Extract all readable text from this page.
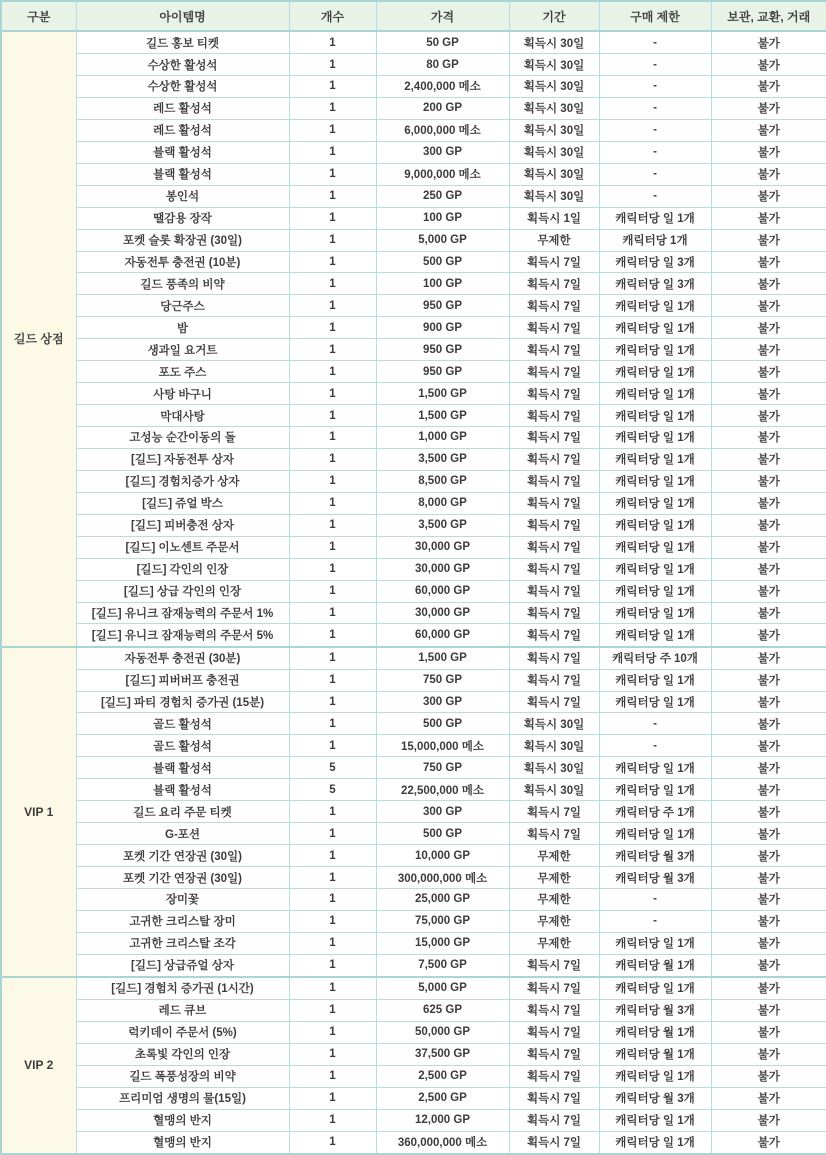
구분	아이템명	개수	가격	기간	구매 제한	보관, 교환, 거래
길드 상점	길드 홍보 티켓	1	50 GP	획득시 30일	-	불가
	수상한 활성석	1	80 GP	획득시 30일	-	불가
	수상한 활성석	1	2,400,000 메소	획득시 30일	-	불가
	레드 활성석	1	200 GP	획득시 30일	-	불가
	레드 활성석	1	6,000,000 메소	획득시 30일	-	불가
	블랙 활성석	1	300 GP	획득시 30일	-	불가
	블랙 활성석	1	9,000,000 메소	획득시 30일	-	불가
	봉인석	1	250 GP	획득시 30일	-	불가
	땔감용 장작	1	100 GP	획득시 1일	캐릭터당 일 1개	불가
	포켓 슬롯 확장권 (30일)	1	5,000 GP	무제한	캐릭터당 1개	불가
	자동전투 충전권 (10분)	1	500 GP	획득시 7일	캐릭터당 일 3개	불가
	길드 풍족의 비약	1	100 GP	획득시 7일	캐릭터당 일 3개	불가
	당근주스	1	950 GP	획득시 7일	캐릭터당 일 1개	불가
	밤	1	900 GP	획득시 7일	캐릭터당 일 1개	불가
	생과일 요거트	1	950 GP	획득시 7일	캐릭터당 일 1개	불가
	포도 주스	1	950 GP	획득시 7일	캐릭터당 일 1개	불가
	사탕 바구니	1	1,500 GP	획득시 7일	캐릭터당 일 1개	불가
	막대사탕	1	1,500 GP	획득시 7일	캐릭터당 일 1개	불가
	고성능 순간이동의 돌	1	1,000 GP	획득시 7일	캐릭터당 일 1개	불가
	[길드] 자동전투 상자	1	3,500 GP	획득시 7일	캐릭터당 일 1개	불가
	[길드] 경험치증가 상자	1	8,500 GP	획득시 7일	캐릭터당 일 1개	불가
	[길드] 쥬얼 박스	1	8,000 GP	획득시 7일	캐릭터당 일 1개	불가
	[길드] 피버충전 상자	1	3,500 GP	획득시 7일	캐릭터당 일 1개	불가
	[길드] 이노센트 주문서	1	30,000 GP	획득시 7일	캐릭터당 일 1개	불가
	[길드] 각인의 인장	1	30,000 GP	획득시 7일	캐릭터당 일 1개	불가
	[길드] 상급 각인의 인장	1	60,000 GP	획득시 7일	캐릭터당 일 1개	불가
	[길드] 유니크 잠재능력의 주문서 1%	1	30,000 GP	획득시 7일	캐릭터당 일 1개	불가
	[길드] 유니크 잠재능력의 주문서 5%	1	60,000 GP	획득시 7일	캐릭터당 일 1개	불가
VIP 1	자동전투 충전권 (30분)	1	1,500 GP	획득시 7일	캐릭터당 주 10개	불가
	[길드] 피버버프 충전권	1	750 GP	획득시 7일	캐릭터당 일 1개	불가
	[길드] 파티 경험치 증가권 (15분)	1	300 GP	획득시 7일	캐릭터당 일 1개	불가
	골드 활성석	1	500 GP	획득시 30일	-	불가
	골드 활성석	1	15,000,000 메소	획득시 30일	-	불가
	블랙 활성석	5	750 GP	획득시 30일	캐릭터당 일 1개	불가
	블랙 활성석	5	22,500,000 메소	획득시 30일	캐릭터당 일 1개	불가
	길드 요리 주문 티켓	1	300 GP	획득시 7일	캐릭터당 주 1개	불가
	G-포션	1	500 GP	획득시 7일	캐릭터당 일 1개	불가
	포켓 기간 연장권 (30일)	1	10,000 GP	무제한	캐릭터당 월 3개	불가
	포켓 기간 연장권 (30일)	1	300,000,000 메소	무제한	캐릭터당 월 3개	불가
	장미꽃	1	25,000 GP	무제한	-	불가
	고귀한 크리스탈 장미	1	75,000 GP	무제한	-	불가
	고귀한 크리스탈 조각	1	15,000 GP	무제한	캐릭터당 일 1개	불가
	[길드] 상급쥬얼 상자	1	7,500 GP	획득시 7일	캐릭터당 월 1개	불가
VIP 2	[길드] 경험치 증가권 (1시간)	1	5,000 GP	획득시 7일	캐릭터당 일 1개	불가
	레드 큐브	1	625 GP	획득시 7일	캐릭터당 월 3개	불가
	럭키데이 주문서 (5%)	1	50,000 GP	획득시 7일	캐릭터당 월 1개	불가
	초록빛 각인의 인장	1	37,500 GP	획득시 7일	캐릭터당 월 1개	불가
	길드 폭풍성장의 비약	1	2,500 GP	획득시 7일	캐릭터당 일 1개	불가
	프리미엄 생명의 물(15일)	1	2,500 GP	획득시 7일	캐릭터당 월 3개	불가
	혈맹의 반지	1	12,000 GP	획득시 7일	캐릭터당 일 1개	불가
	혈맹의 반지	1	360,000,000 메소	획득시 7일	캐릭터당 일 1개	불가
